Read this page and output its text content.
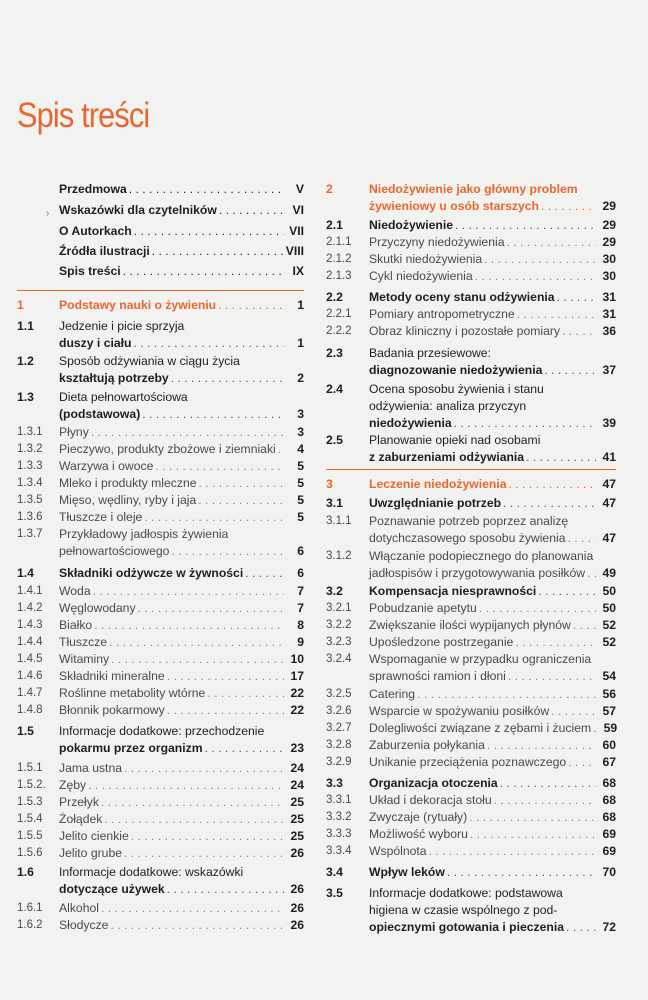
Spis treści
›
Przedmowa . . .	V
Wskazówki dla czytelników . . .	VI
O Autorkach . . .	VII
Źródła ilustracji . . .	VIII
Spis treści . . .	IX
1	Podstawy nauki o żywieniu . . .	1
1.1 Jedzenie i picie sprzyja
duszy i ciału . . .	1
1.2 Sposób odżywiania w ciągu życia
kształtują potrzeby . . .	2
1.3 Dieta pełnowartościowa
(podstawowa) . . .	3
1.3.1 Płyny . . .	3
1.3.2 Pieczywo, produkty zbożowe i ziemniaki . . .	4
1.3.3 Warzywa i owoce . . .	5
1.3.4 Mleko i produkty mleczne . . .	5
1.3.5 Mięso, wędliny, ryby i jaja . . .	5
1.3.6 Tłuszcze i oleje . . .	5
1.3.7 Przykładowy jadłospis żywienia
pełnowartościowego . . .	6
1.4 Składniki odżywcze w żywności . . .	6
1.4.1 Woda . . .	7
1.4.2 Węglowodany . . .	7
1.4.3 Białko . . .	8
1.4.4 Tłuszcze . . .	9
1.4.5 Witaminy . . .	10
1.4.6 Składniki mineralne . . .	17
1.4.7 Roślinne metabolity wtórne . . .	22
1.4.8 Błonnik pokarmowy . . .	22
1.5 Informacje dodatkowe: przechodzenie
pokarmu przez organizm . . .	23
1.5.1 Jama ustna . . .	24
1.5.2. Zęby . . .	24
1.5.3 Przełyk . . .	25
1.5.4 Żołądek . . .	25
1.5.5 Jelito cienkie . . .	25
1.5.6 Jelito grube . . .	26
1.6 Informacje dodatkowe: wskazówki
dotyczące używek . . .	26
1.6.1 Alkohol . . .	26
1.6.2 Słodycze . . .	26
2	Niedożywienie jako główny problem
żywieniowy u osób starszych . . .	29
2.1 Niedożywienie . . .	29
2.1.1 Przyczyny niedożywienia . . .	29
2.1.2 Skutki niedożywienia . . .	30
2.1.3 Cykl niedożywienia . . .	30
2.2 Metody oceny stanu odżywienia . . .	31
2.2.1 Pomiary antropometryczne . . .	31
2.2.2 Obraz kliniczny i pozostałe pomiary . . .	36
2.3 Badania przesiewowe:
diagnozowanie niedożywienia . . .	37
2.4 Ocena sposobu żywienia i stanu
odżywienia: analiza przyczyn
niedożywienia . . .	39
2.5 Planowanie opieki nad osobami
z zaburzeniami odżywiania . . .	41
3	Leczenie niedożywienia . . .	47
3.1 Uwzględnianie potrzeb . . .	47
3.1.1 Poznawanie potrzeb poprzez analizę
dotychczasowego sposobu żywienia . . .	47
3.1.2 Włączanie podopiecznego do planowania
jadłospisów i przygotowywania posiłków . . .	49
3.2 Kompensacja niesprawności . . .	50
3.2.1 Pobudzanie apetytu . . .	50
3.2.2 Zwiększanie ilości wypijanych płynów . . .	52
3.2.3 Upośledzone postrzeganie . . .	52
3.2.4 Wspomaganie w przypadku ograniczenia
sprawności ramion i dłoni . . .	54
3.2.5 Catering . . .	56
3.2.6 Wsparcie w spożywaniu posiłków . . .	57
3.2.7 Dolegliwości związane z zębami i żuciem . . .	59
3.2.8 Zaburzenia połykania . . .	60
3.2.9 Unikanie przeciążenia poznawczego . . .	67
3.3 Organizacja otoczenia . . .	68
3.3.1 Układ i dekoracja stołu . . .	68
3.3.2 Zwyczaje (rytuały) . . .	68
3.3.3 Możliwość wyboru . . .	69
3.3.4 Wspólnota . . .	69
3.4 Wpływ leków . . .	70
3.5 Informacje dodatkowe: podstawowa
higiena w czasie wspólnego z pod-
opiecznymi gotowania i pieczenia . . .	72
